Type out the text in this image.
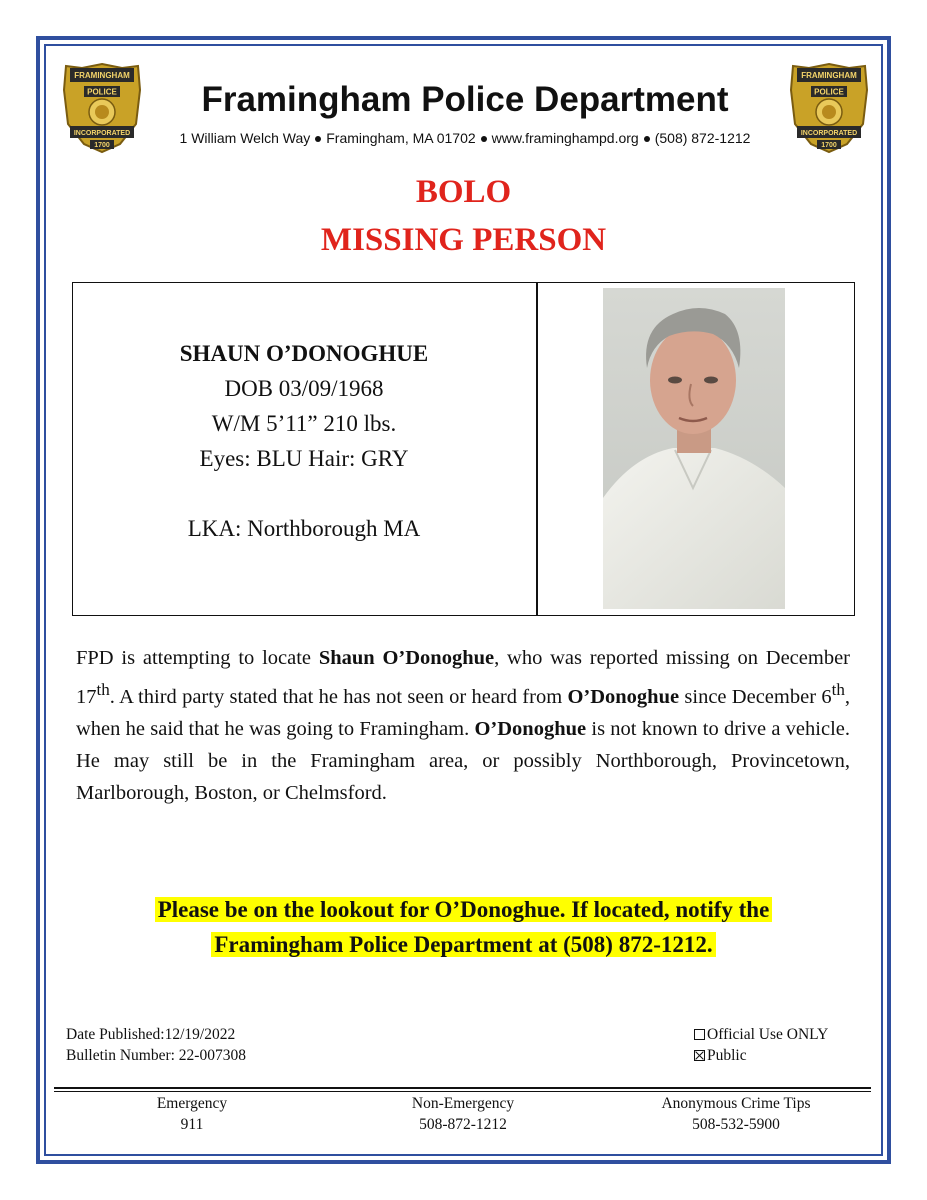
FRAMINGHAM
POLICE
INCORPORATED
1700
FRAMINGHAM
POLICE
INCORPORATED
1700
Framingham Police Department
1 William Welch Way Framingham, MA 01702 www.framinghampd.org (508) 872-1212
BOLO
MISSING PERSON
SHAUN O’DONOGHUE
DOB 03/09/1968
W/M 5’11” 210 lbs.
Eyes: BLU Hair: GRY
LKA: Northborough MA
FPD is attempting to locate Shaun O’Donoghue, who was reported missing on December 17th. A third party stated that he has not seen or heard from O’Donoghue since December 6th, when he said that he was going to Framingham. O’Donoghue is not known to drive a vehicle. He may still be in the Framingham area, or possibly Northborough, Provincetown, Marlborough, Boston, or Chelmsford.
Please be on the lookout for O’Donoghue. If located, notify the
Framingham Police Department at (508) 872-1212.
Date Published:12/19/2022
Bulletin Number: 22-007308
Official Use ONLY
Public
Emergency
911
Non-Emergency
508-872-1212
Anonymous Crime Tips
508-532-5900
